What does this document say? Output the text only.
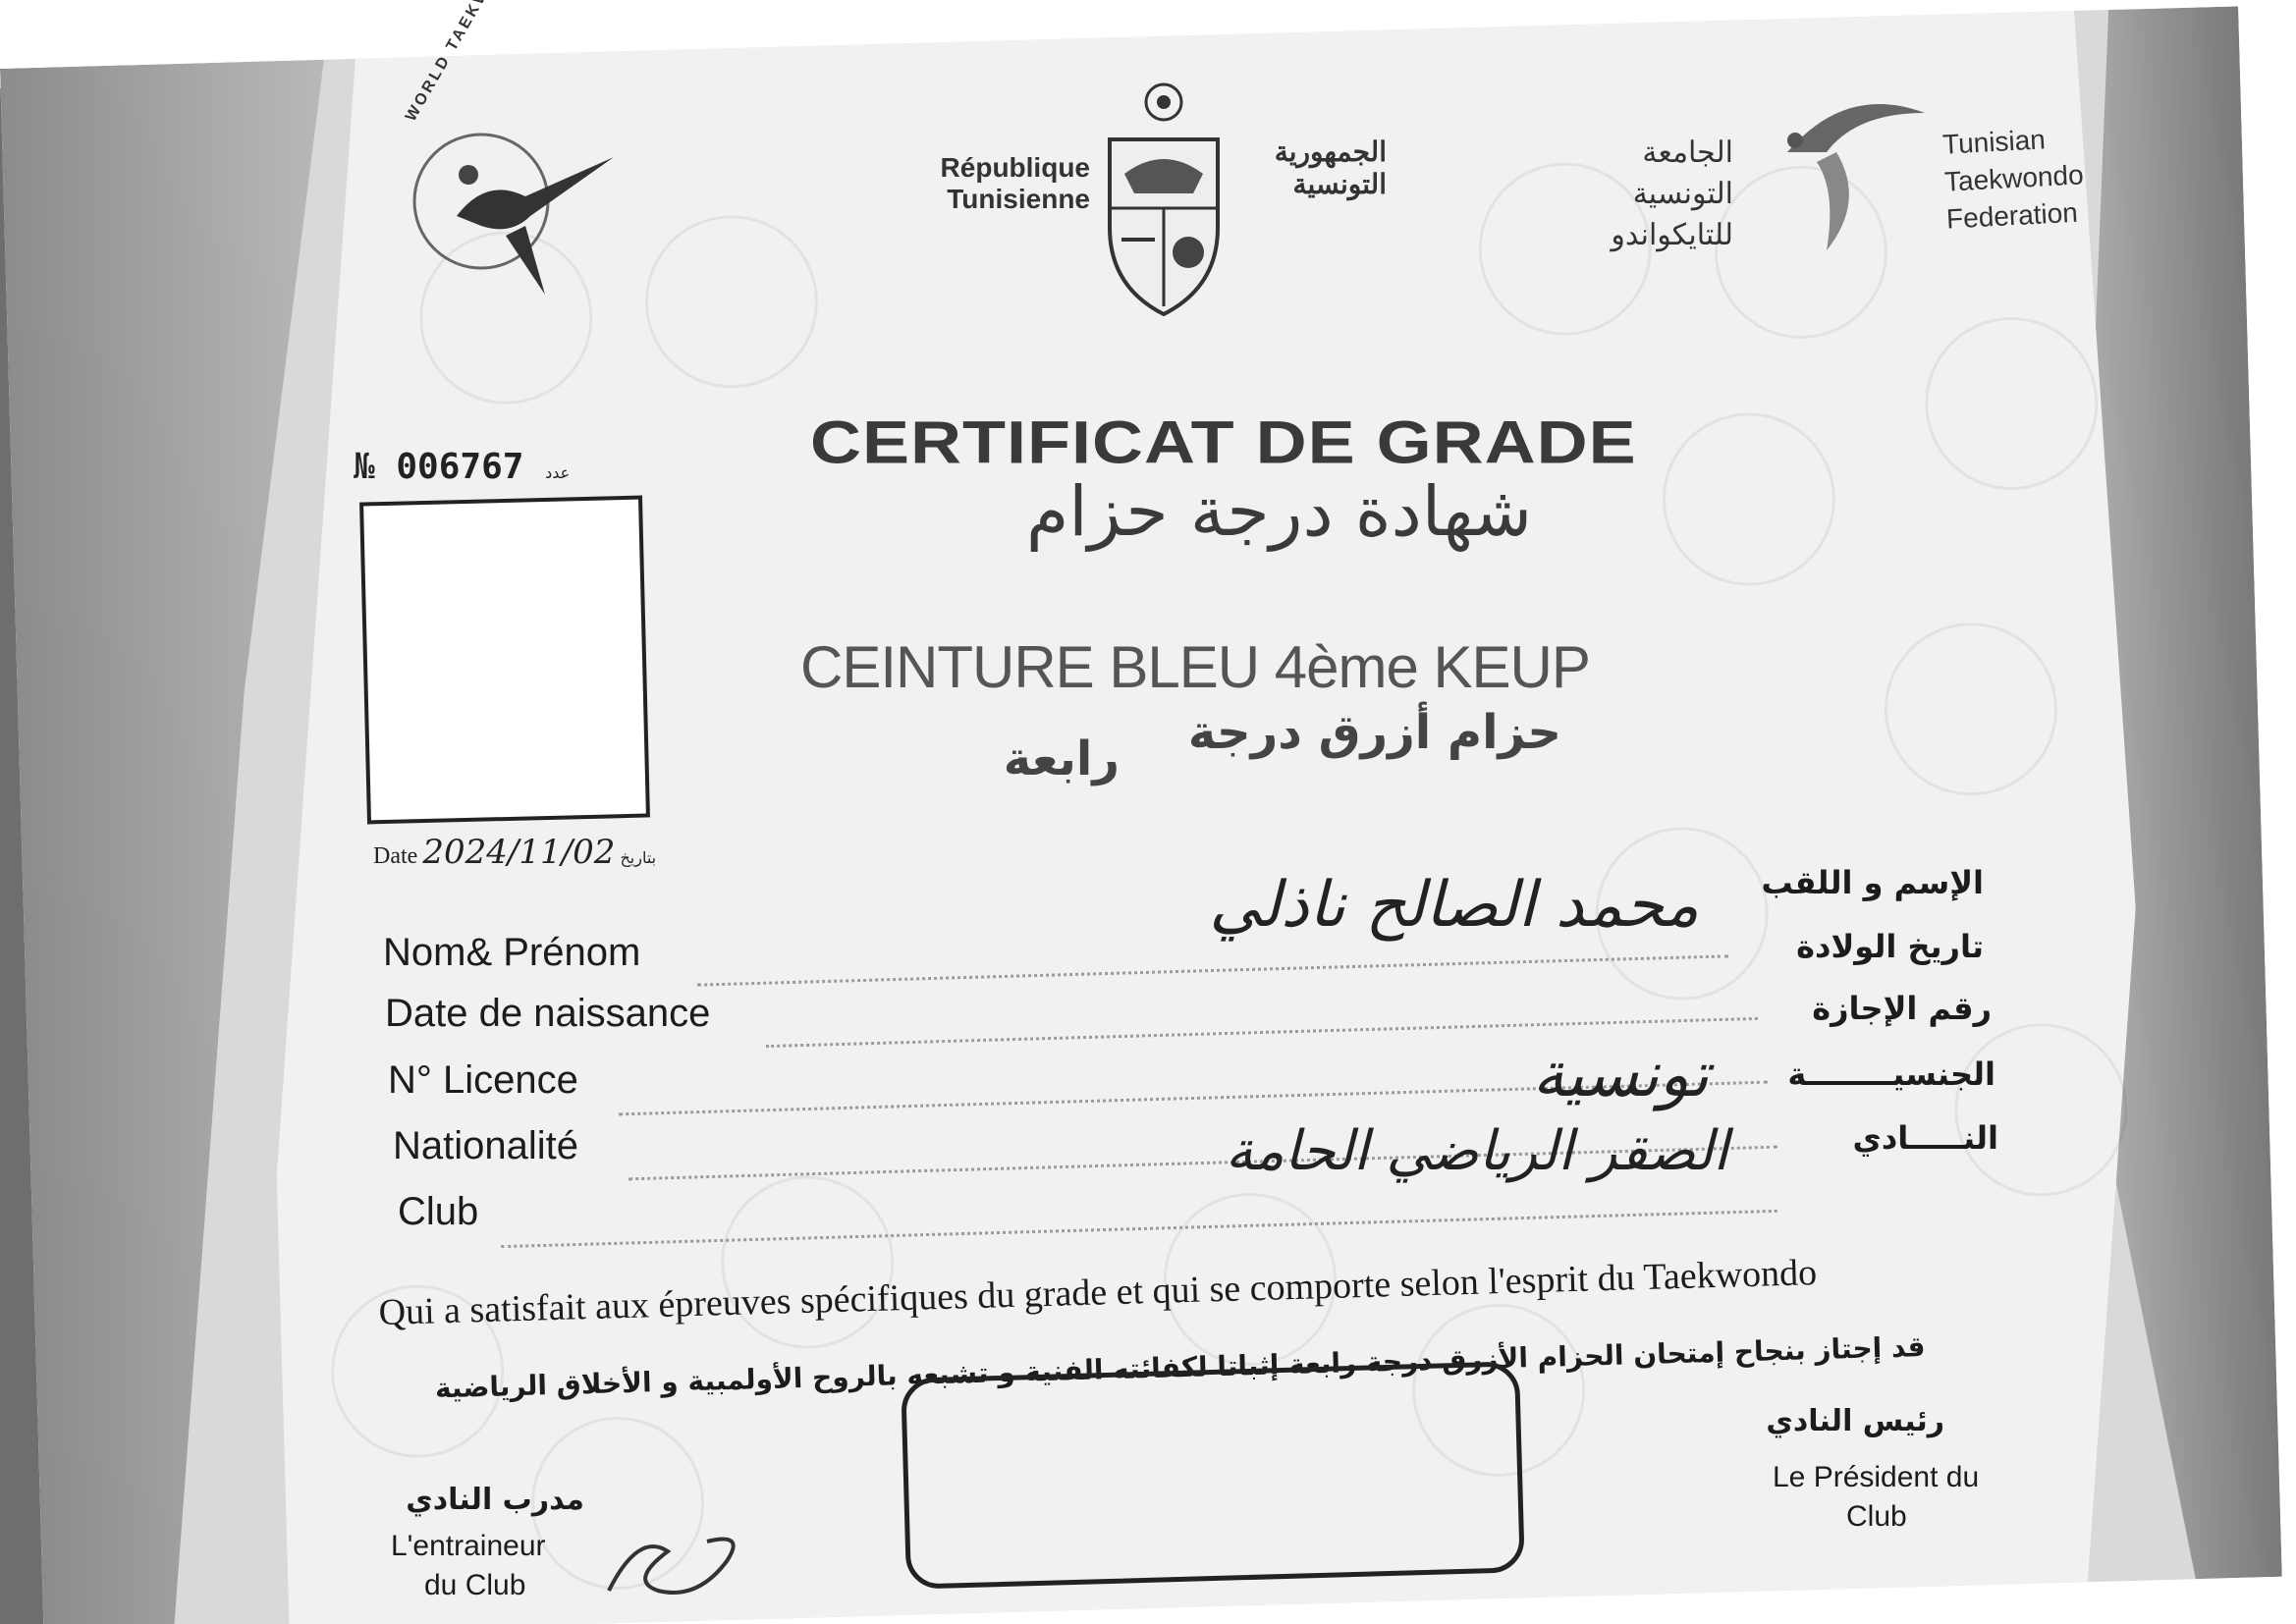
République
Tunisienne
الجمهورية
التونسية
الجامعة
التونسية
للتايكواندو
Tunisian
Taekwondo
Federation
№ 006767 عدد
Date 2024/11/02 بتاريخ
CERTIFICAT DE GRADE
شهادة درجة حزام
CEINTURE BLEU 4ème KEUP
حزام أزرق درجة
رابعة
Nom& Prénom
Date de naissance
N° Licence
Nationalité
Club
الإسم و اللقب
تاريخ الولادة
رقم الإجازة
الجنسيــــــــة
النـــــادي
محمد الصالح ناذلي
تونسية
الصقر الرياضي الحامة
Qui a satisfait aux épreuves spécifiques du grade et qui se comporte selon l'esprit du Taekwondo
قد إجتاز بنجاح إمتحان الحزام الأزرق درجة رابعة إثباتا لكفائته الفنية و تشبعه بالروح الأولمبية و الأخلاق الرياضية
مدرب النادي
L'entraineur
du Club
رئيس النادي
Le Président du
Club
